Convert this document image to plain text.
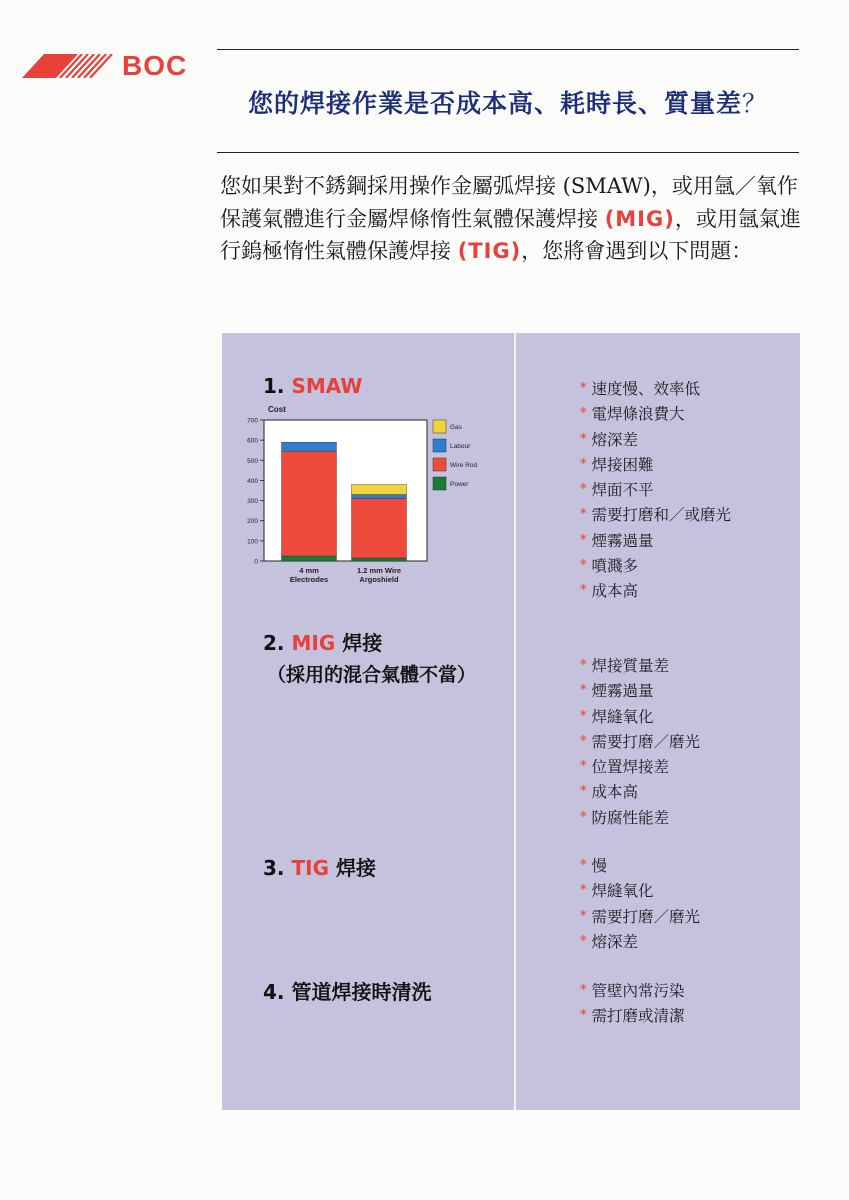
BOC
您的焊接作業是否成本高、耗時長、質量差？
您如果對不銹鋼採用操作金屬弧焊接 (SMAW)，或用氬／氧作保護氣體進行金屬焊條惰性氣體保護焊接 (MIG)，或用氬氣進行鎢極惰性氣體保護焊接 (TIG)，您將會遇到以下問題：
1. SMAW
2. MIG 焊接
（採用的混合氣體不當）
3. TIG 焊接
4. 管道焊接時清洗
Cost
0
100
200
300
400
500
600
700
4 mm
Electrodes
1.2 mm Wire
Argoshield
Gas
Labour
Wire Rod
Power
* 速度慢、效率低
* 電焊條浪費大
* 熔深差
* 焊接困難
* 焊面不平
* 需要打磨和／或磨光
* 煙霧過量
* 噴濺多
* 成本高
* 焊接質量差
* 煙霧過量
* 焊縫氧化
* 需要打磨／磨光
* 位置焊接差
* 成本高
* 防腐性能差
* 慢
* 焊縫氧化
* 需要打磨／磨光
* 熔深差
* 管壁內常污染
* 需打磨或清潔
